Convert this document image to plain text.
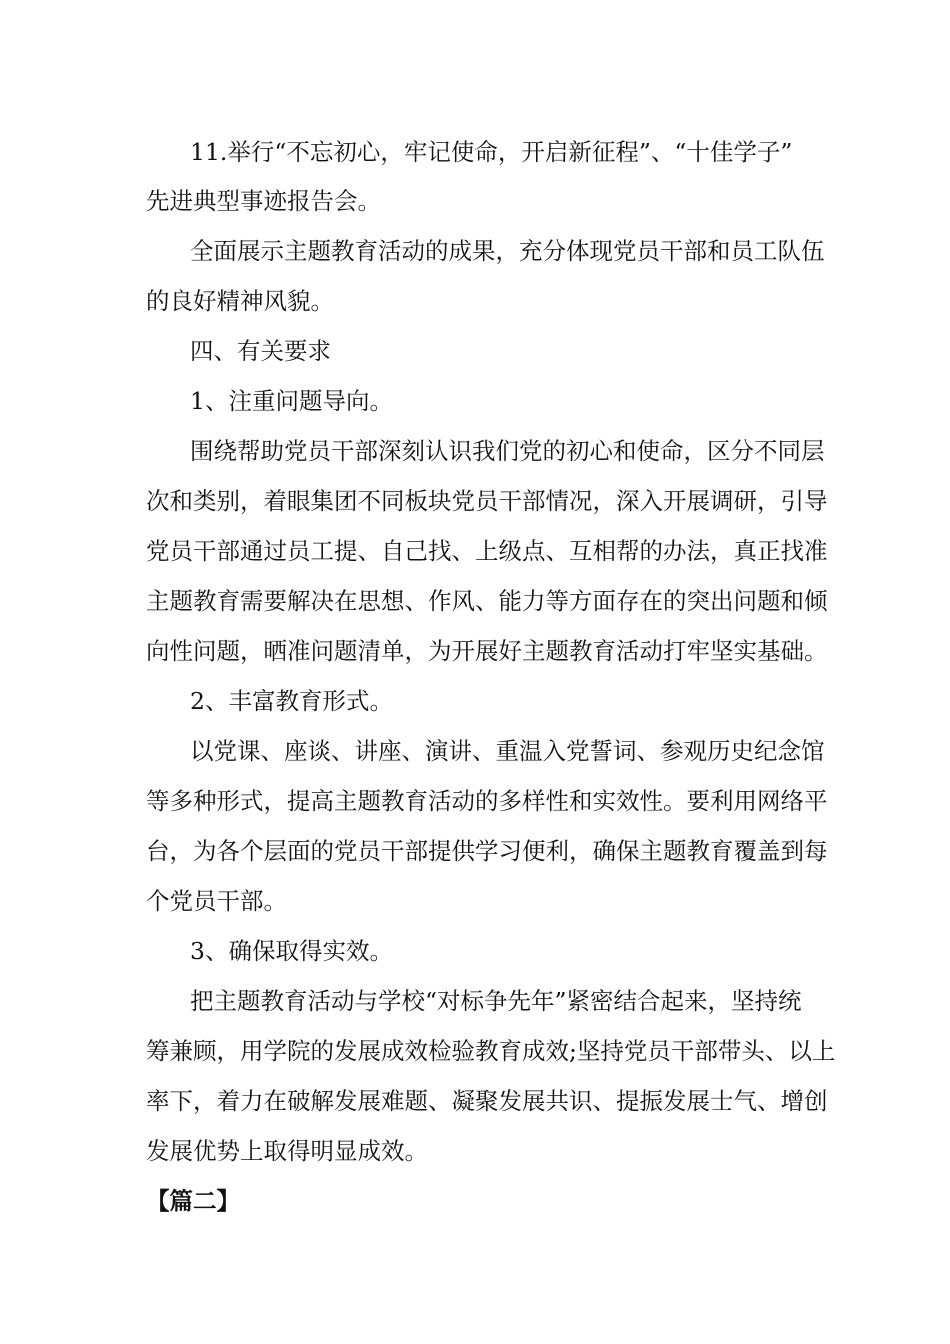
11.举行“不忘初心，牢记使命，开启新征程”、“十佳学子”
先进典型事迹报告会。
全面展示主题教育活动的成果，充分体现党员干部和员工队伍
的良好精神风貌。
四、有关要求
1、注重问题导向。
围绕帮助党员干部深刻认识我们党的初心和使命，区分不同层
次和类别，着眼集团不同板块党员干部情况，深入开展调研，引导
党员干部通过员工提、自己找、上级点、互相帮的办法，真正找准
主题教育需要解决在思想、作风、能力等方面存在的突出问题和倾
向性问题，晒准问题清单，为开展好主题教育活动打牢坚实基础。
2、丰富教育形式。
以党课、座谈、讲座、演讲、重温入党誓词、参观历史纪念馆
等多种形式，提高主题教育活动的多样性和实效性。要利用网络平
台，为各个层面的党员干部提供学习便利，确保主题教育覆盖到每
个党员干部。
3、确保取得实效。
把主题教育活动与学校“对标争先年”紧密结合起来，坚持统
筹兼顾，用学院的发展成效检验教育成效;坚持党员干部带头、以上
率下，着力在破解发展难题、凝聚发展共识、提振发展士气、增创
发展优势上取得明显成效。
【篇二】
